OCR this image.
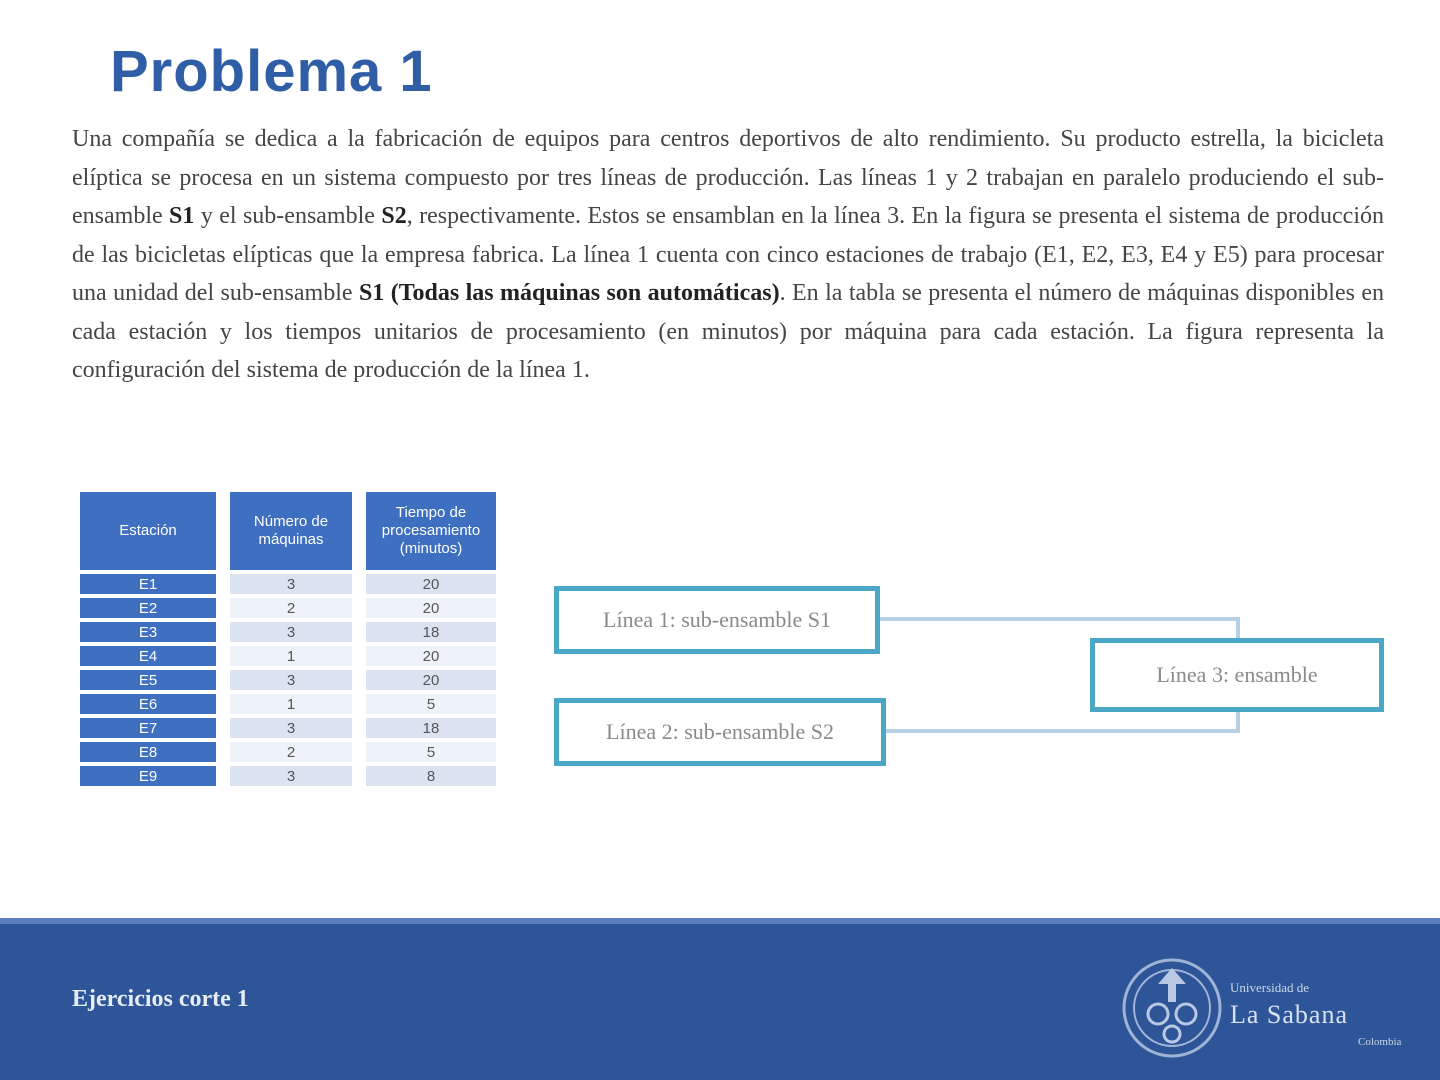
Problema 1
Una compañía se dedica a la fabricación de equipos para centros deportivos de alto rendimiento. Su producto estrella, la bicicleta elíptica se procesa en un sistema compuesto por tres líneas de producción. Las líneas 1 y 2 trabajan en paralelo produciendo el sub-ensamble S1 y el sub-ensamble S2, respectivamente. Estos se ensamblan en la línea 3. En la figura se presenta el sistema de producción de las bicicletas elípticas que la empresa fabrica. La línea 1 cuenta con cinco estaciones de trabajo (E1, E2, E3, E4 y E5) para procesar una unidad del sub-ensamble S1 (Todas las máquinas son automáticas). En la tabla se presenta el número de máquinas disponibles en cada estación y los tiempos unitarios de procesamiento (en minutos) por máquina para cada estación. La figura representa la configuración del sistema de producción de la línea 1.
Estación	Número de máquinas	Tiempo de procesamiento (minutos)
E1	3	20
E2	2	20
E3	3	18
E4	1	20
E5	3	20
E6	1	5
E7	3	18
E8	2	5
E9	3	8
Línea 1: sub-ensamble S1
Línea 2: sub-ensamble S2
Línea 3: ensamble
Ejercicios corte 1	Universidad de
La Sabana
Colombia
